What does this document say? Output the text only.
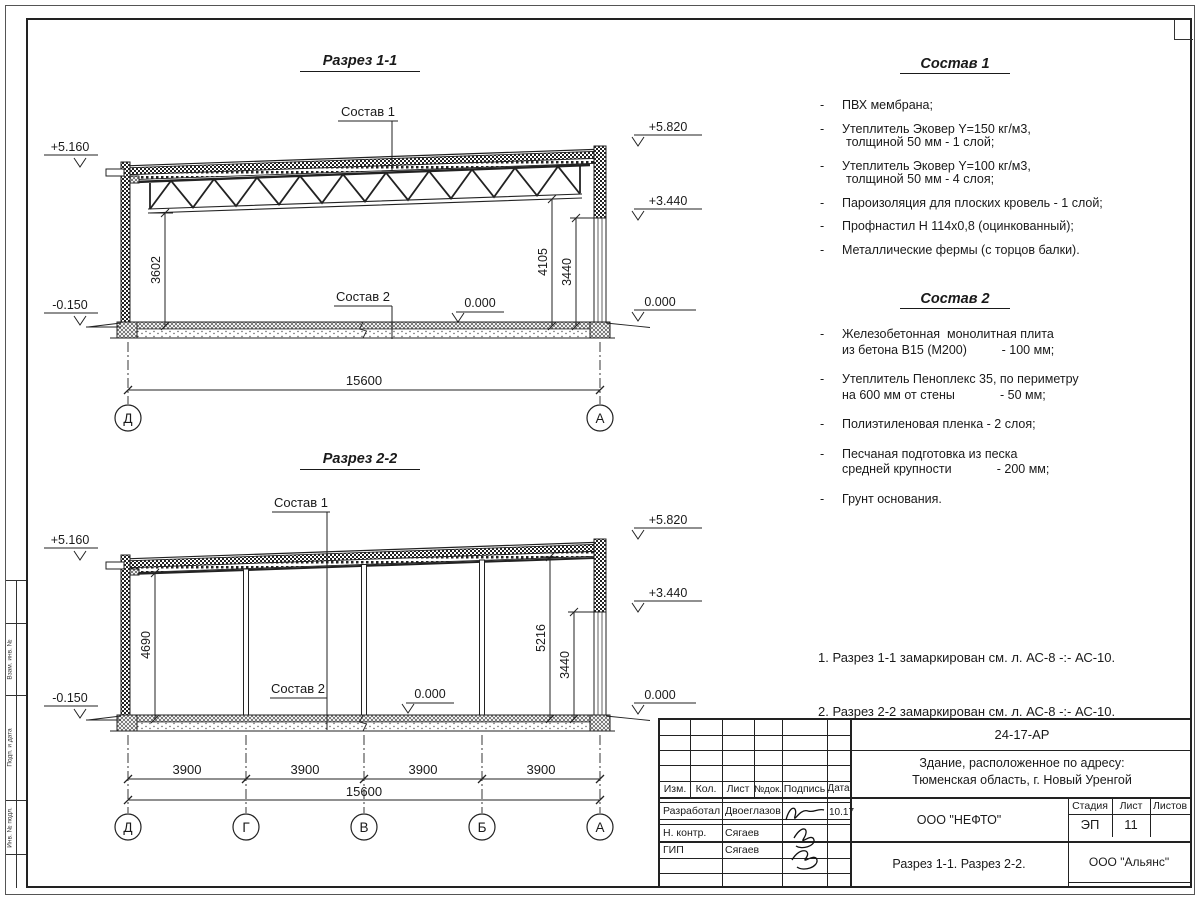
Разрез 1-1
Разрез 2-2
+5.160
-0.150
+5.820
+3.440
0.000
0.000
Состав 1
Состав 2
3602	4105 3440
15600
Д	А
+5.160
-0.150
+5.820
+3.440
0.000
0.000
Состав 1
Состав 2
4690	5216
3440
3900	3900	3900	3900
15600
Д	Г	В	Б	А
Состав 1
-	ПВХ мембрана;
-	Утеплитель Эковер Y=150 кг/м3,
толщиной 50 мм - 1 слой;
-	Утеплитель Эковер Y=100 кг/м3,
толщиной 50 мм - 4 слоя;
-	Пароизоляция для плоских кровель - 1 слой;
-	Профнастил Н 114х0,8 (оцинкованный);
-	Металлические фермы (с торцов балки).
Состав 2
-	Железобетонная  монолитная плита
из бетона В15 (М200)          - 100 мм;
-	Утеплитель Пеноплекс 35, по периметру
на 600 мм от стены             - 50 мм;
-	Полиэтиленовая пленка - 2 слоя;
-	Песчаная подготовка из песка
средней крупности             - 200 мм;
-	Грунт основания.

1. Разрез 1-1 замаркирован см. л. АС-8 -:- АС-10.

2. Разрез 2-2 замаркирован см. л. АС-8 -:- АС-10.

Изм. Кол. Лист №док. Подпись Дата
Разработал Двоеглазов	10.17
Н. контр. Сягаев
ГИП	Сягаев
24-17-АР
Здание, расположенное по адресу:
Тюменская область, г. Новый Уренгой
ООО "НЕФТО"
Стадия	Лист	Листов
ЭП	11
Разрез 1-1. Разрез 2-2.	ООО "Альянс"
Взам. инв. №
Подп. и дата
Инв. № подл.
